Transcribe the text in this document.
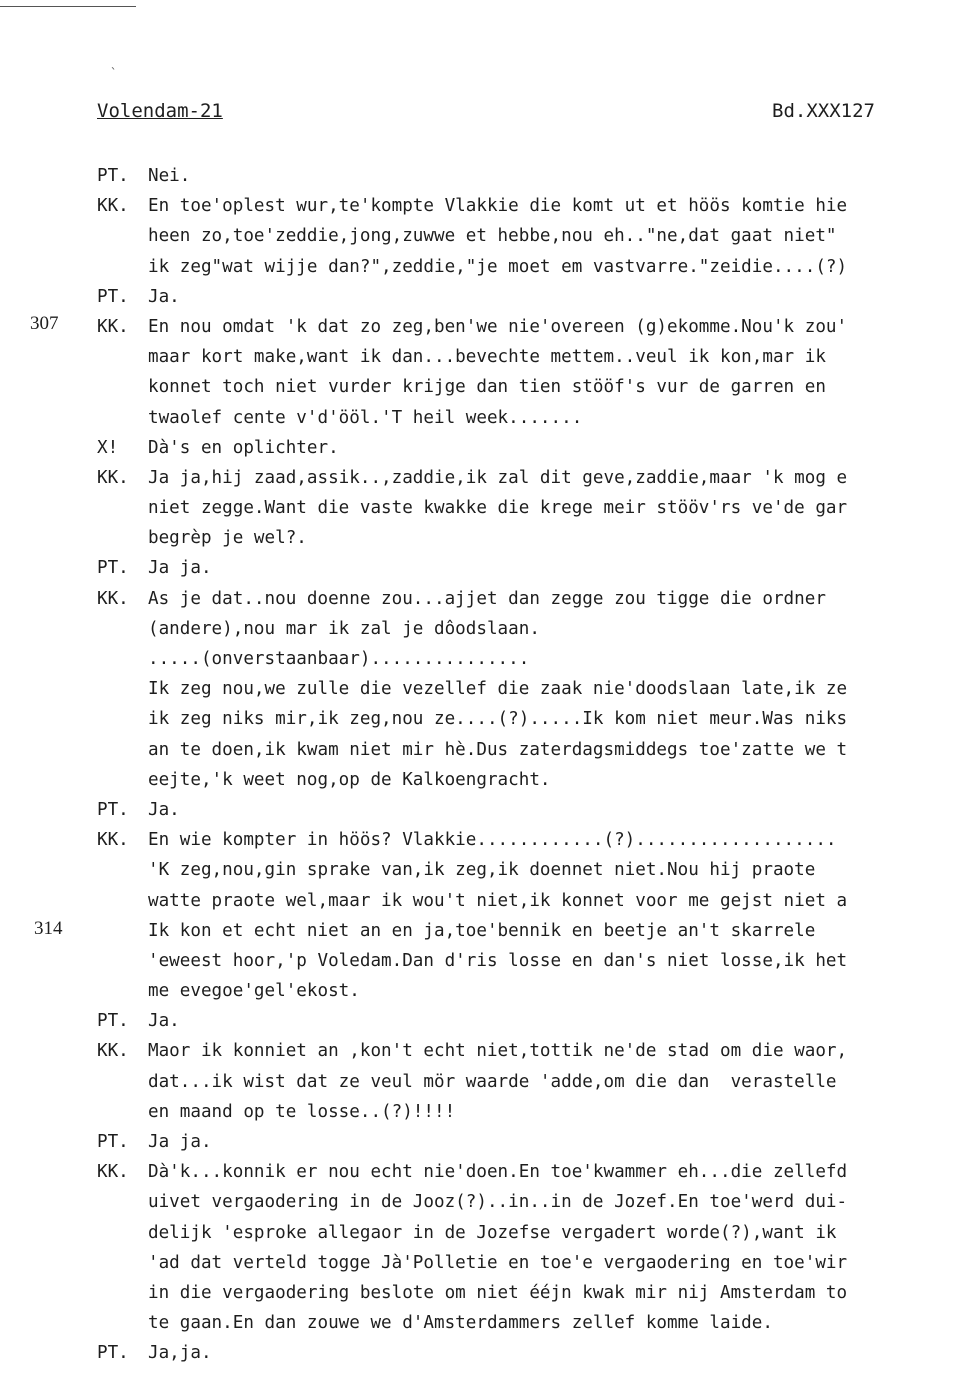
`
Volendam-21	Bd.XXX127
307
314
PT.	Nei.
KK.	En toe'oplest wur,te'kompte Vlakkie die komt ut et höös komtie hie
heen zo,toe'zeddie,jong,zuwwe et hebbe,nou eh.."ne,dat gaat niet"
ik zeg"wat wijje dan?",zeddie,"je moet em vastvarre."zeidie....(?)
PT.	Ja.
KK.	En nou omdat 'k dat zo zeg,ben'we nie'overeen (g)ekomme.Nou'k zou'
maar kort make,want ik dan...bevechte mettem..veul ik kon,mar ik
konnet toch niet vurder krijge dan tien stööf's vur de garren en
twaolef cente v'd'ööl.'T heil week.......
X!	Dà's en oplichter.
KK.	Ja ja,hij zaad,assik..,zaddie,ik zal dit geve,zaddie,maar 'k mog e
niet zegge.Want die vaste kwakke die krege meir stööv'rs ve'de gar
begrèp je wel?.
PT.	Ja ja.
KK.	As je dat..nou doenne zou...ajjet dan zegge zou tigge die ordner
(andere),nou mar ik zal je dôodslaan.
.....(onverstaanbaar)...............
Ik zeg nou,we zulle die vezellef die zaak nie'doodslaan late,ik ze
ik zeg niks mir,ik zeg,nou ze....(?).....Ik kom niet meur.Was niks
an te doen,ik kwam niet mir hè.Dus zaterdagsmiddegs toe'zatte we t
eejte,'k weet nog,op de Kalkoengracht.
PT.	Ja.
KK.	En wie kompter in höös? Vlakkie............(?)...................
'K zeg,nou,gin sprake van,ik zeg,ik doennet niet.Nou hij praote
watte praote wel,maar ik wou't niet,ik konnet voor me gejst niet a
Ik kon et echt niet an en ja,toe'bennik en beetje an't skarrele
'eweest hoor,'p Voledam.Dan d'ris losse en dan's niet losse,ik het
me evegoe'gel'ekost.
PT.	Ja.
KK.	Maor ik konniet an ,kon't echt niet,tottik ne'de stad om die waor,
dat...ik wist dat ze veul mör waarde 'adde,om die dan  verastelle
en maand op te losse..(?)!!!!
PT.	Ja ja.
KK.	Dà'k...konnik er nou echt nie'doen.En toe'kwammer eh...die zellefd
uivet vergaodering in de Jooz(?)..in..in de Jozef.En toe'werd dui-
delijk 'esproke allegaor in de Jozefse vergadert worde(?),want ik
'ad dat verteld togge Jà'Polletie en toe'e vergaodering en toe'wir
in die vergaodering beslote om niet ééjn kwak mir nij Amsterdam to
te gaan.En dan zouwe we d'Amsterdammers zellef komme laide.
PT.	Ja,ja.
